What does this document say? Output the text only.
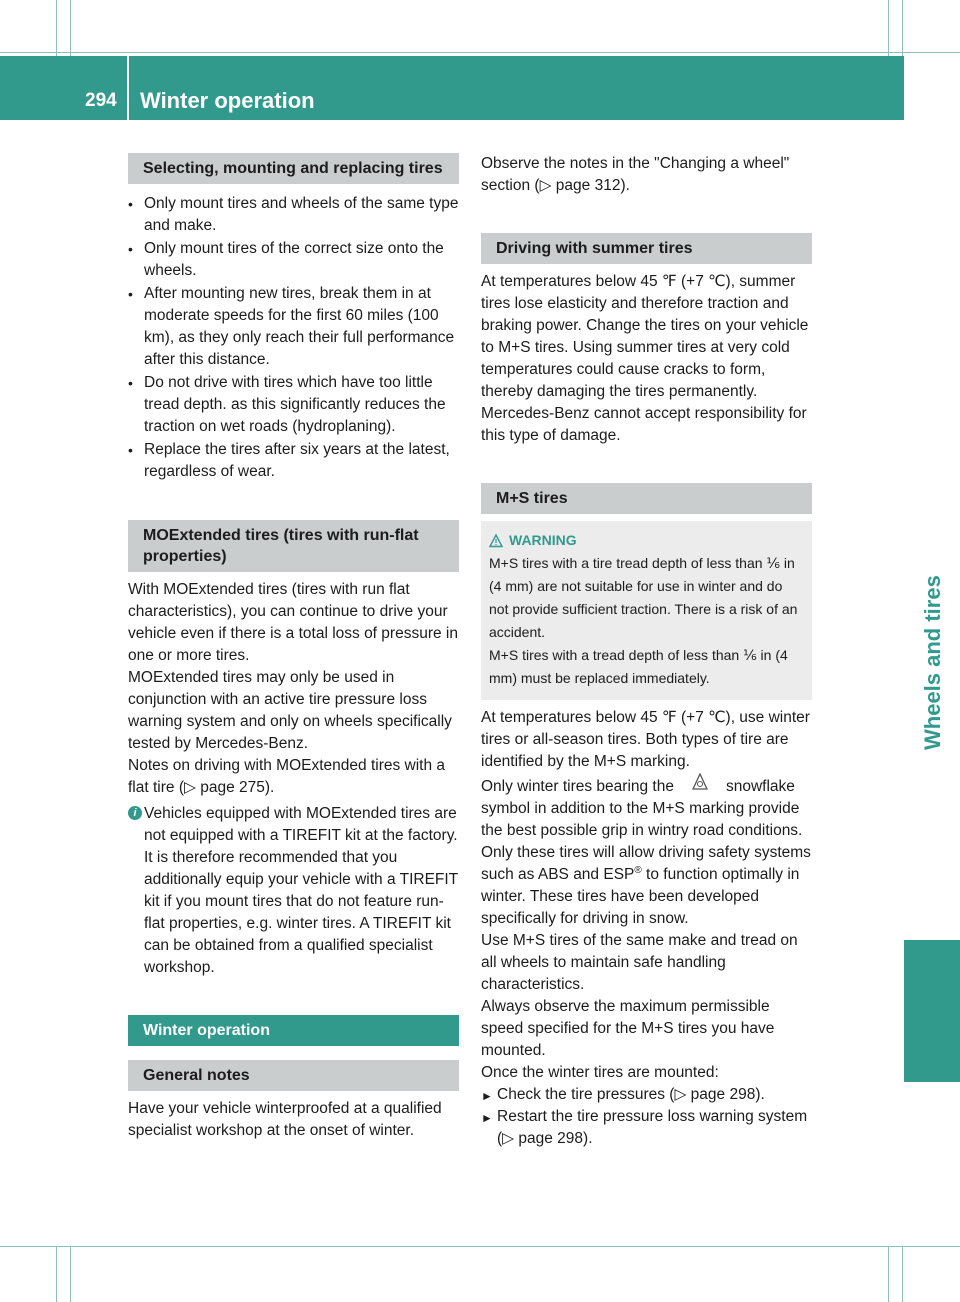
294 Winter operation
Wheels and tires
Selecting, mounting and replacing tires
• Only mount tires and wheels of the same type and make.
• Only mount tires of the correct size onto the wheels.
• After mounting new tires, break them in at moderate speeds for the first 60 miles (100 km), as they only reach their full performance after this distance.
• Do not drive with tires which have too little tread depth. as this significantly reduces the traction on wet roads (hydroplaning).
• Replace the tires after six years at the latest, regardless of wear.
MOExtended tires (tires with run-flat properties)

With MOExtended tires (tires with run flat characteristics), you can continue to drive your vehicle even if there is a total loss of pressure in one or more tires.

MOExtended tires may only be used in conjunction with an active tire pressure loss warning system and only on wheels specifically tested by Mercedes-Benz.

Notes on driving with MOExtended tires with a flat tire (▷ page 275).

i Vehicles equipped with MOExtended tires are not equipped with a TIREFIT kit at the factory. It is therefore recommended that you additionally equip your vehicle with a TIREFIT kit if you mount tires that do not feature run-flat properties, e.g. winter tires. A TIREFIT kit can be obtained from a qualified specialist workshop.
Winter operation
General notes

Have your vehicle winterproofed at a qualified specialist workshop at the onset of winter.

Observe the notes in the "Changing a wheel" section (▷ page 312).

Driving with summer tires

At temperatures below 45 ℉ (+7 ℃), summer tires lose elasticity and therefore traction and braking power. Change the tires on your vehicle to M+S tires. Using summer tires at very cold temperatures could cause cracks to form, thereby damaging the tires permanently. Mercedes-Benz cannot accept responsibility for this type of damage.

M+S tires
WARNING

M+S tires with a tire tread depth of less than ⅙ in (4 mm) are not suitable for use in winter and do not provide sufficient traction. There is a risk of an accident.

M+S tires with a tread depth of less than ⅙ in (4 mm) must be replaced immediately.

At temperatures below 45 ℉ (+7 ℃), use winter tires or all-season tires. Both types of tire are identified by the M+S marking.

Only winter tires bearing the	snowflake symbol in addition to the M+S marking provide the best possible grip in wintry road conditions. Only these tires will allow driving safety systems such as ABS and ESP® to function optimally in winter. These tires have been developed specifically for driving in snow.

Use M+S tires of the same make and tread on all wheels to maintain safe handling characteristics.

Always observe the maximum permissible speed specified for the M+S tires you have mounted.

Once the winter tires are mounted:

► Check the tire pressures (▷ page 298).
► Restart the tire pressure loss warning system (▷ page 298).
